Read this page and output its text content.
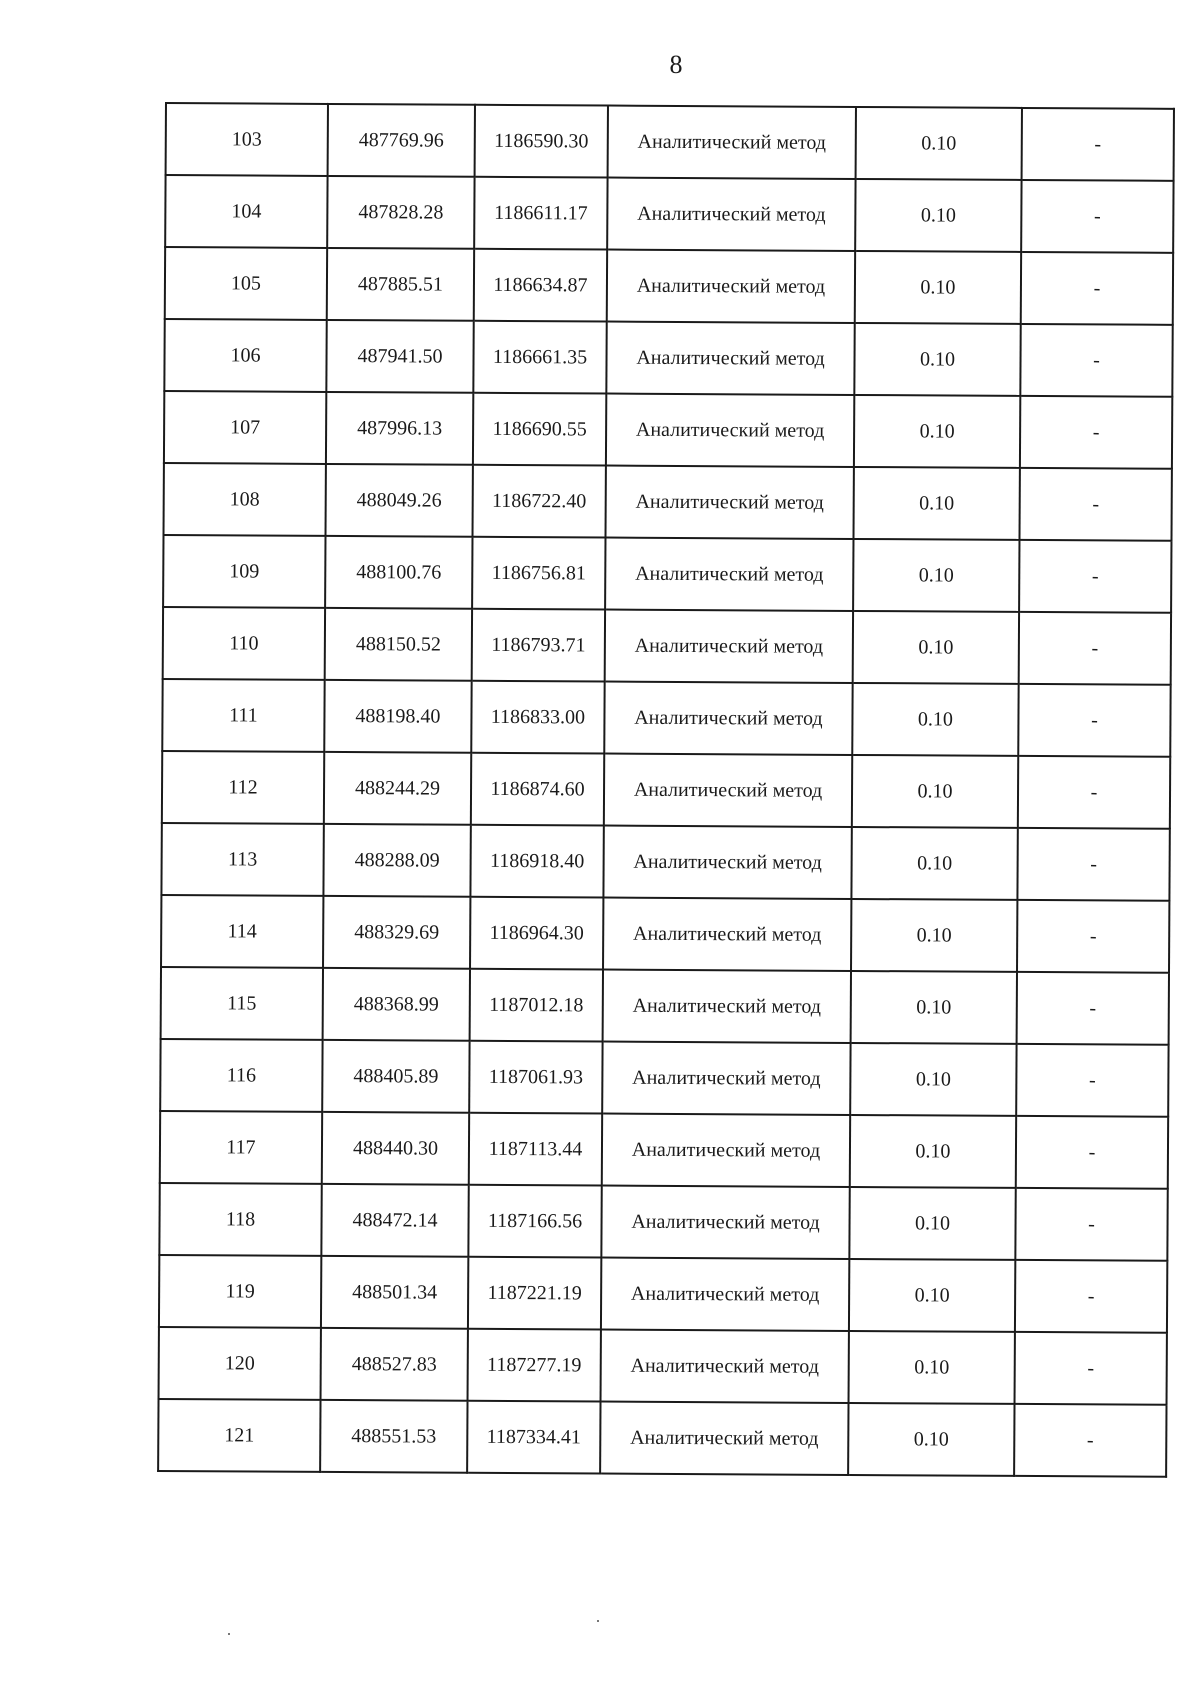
8
103	487769.96	1186590.30	Аналитический метод	0.10	-
104	487828.28	1186611.17	Аналитический метод	0.10	-
105	487885.51	1186634.87	Аналитический метод	0.10	-
106	487941.50	1186661.35	Аналитический метод	0.10	-
107	487996.13	1186690.55	Аналитический метод	0.10	-
108	488049.26	1186722.40	Аналитический метод	0.10	-
109	488100.76	1186756.81	Аналитический метод	0.10	-
110	488150.52	1186793.71	Аналитический метод	0.10	-
111	488198.40	1186833.00	Аналитический метод	0.10	-
112	488244.29	1186874.60	Аналитический метод	0.10	-
113	488288.09	1186918.40	Аналитический метод	0.10	-
114	488329.69	1186964.30	Аналитический метод	0.10	-
115	488368.99	1187012.18	Аналитический метод	0.10	-
116	488405.89	1187061.93	Аналитический метод	0.10	-
117	488440.30	1187113.44	Аналитический метод	0.10	-
118	488472.14	1187166.56	Аналитический метод	0.10	-
119	488501.34	1187221.19	Аналитический метод	0.10	-
120	488527.83	1187277.19	Аналитический метод	0.10	-
121	488551.53	1187334.41	Аналитический метод	0.10	-
